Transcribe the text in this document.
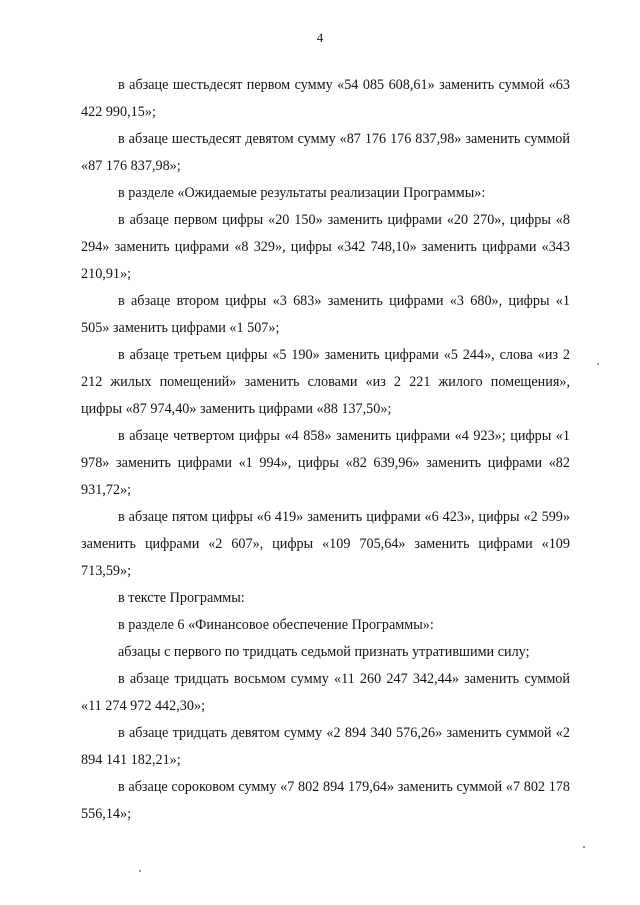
4

в абзаце шестьдесят первом сумму «54 085 608,61» заменить суммой «63 422 990,15»;

в абзаце шестьдесят девятом сумму «87 176 176 837,98» заменить суммой «87 176 837,98»;

в разделе «Ожидаемые результаты реализации Программы»:

в абзаце первом цифры «20 150» заменить цифрами «20 270», цифры «8 294» заменить цифрами «8 329», цифры «342 748,10» заменить цифрами «343 210,91»;

в абзаце втором цифры «3 683» заменить цифрами «3 680», цифры «1 505» заменить цифрами «1 507»;

в абзаце третьем цифры «5 190» заменить цифрами «5 244», слова «из 2 212 жилых помещений» заменить словами «из 2 221 жилого помещения», цифры «87 974,40» заменить цифрами «88 137,50»;

в абзаце четвертом цифры «4 858» заменить цифрами «4 923»; цифры «1 978» заменить цифрами «1 994», цифры «82 639,96» заменить цифрами «82 931,72»;

в абзаце пятом цифры «6 419» заменить цифрами «6 423», цифры «2 599» заменить цифрами «2 607», цифры «109 705,64» заменить цифрами «109 713,59»;

в тексте Программы:

в разделе 6 «Финансовое обеспечение Программы»:

абзацы с первого по тридцать седьмой признать утратившими силу;

в абзаце тридцать восьмом сумму «11 260 247 342,44» заменить суммой «11 274 972 442,30»;

в абзаце тридцать девятом сумму «2 894 340 576,26» заменить суммой «2 894 141 182,21»;

в абзаце сороковом сумму «7 802 894 179,64» заменить суммой «7 802 178 556,14»;
